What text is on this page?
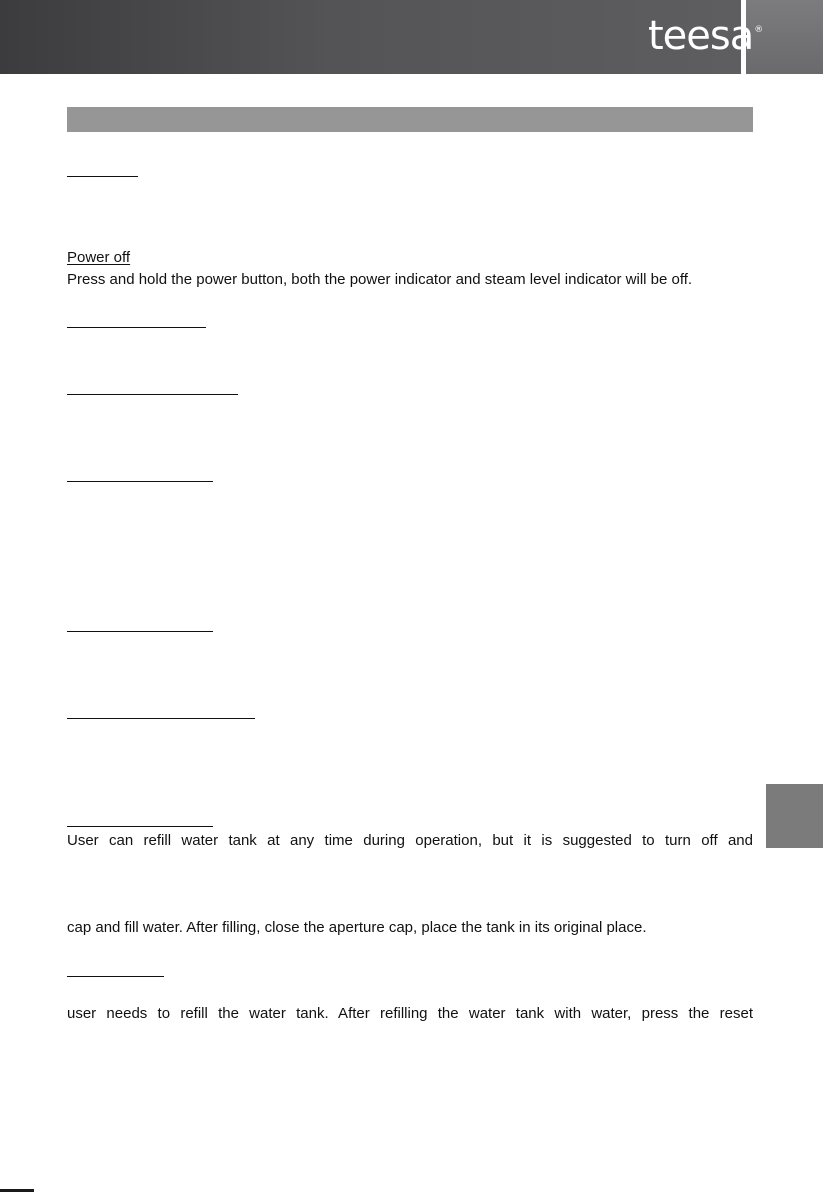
teesa ®
Power off
Press and hold the power button, both the power indicator and steam level indicator will be off.
User can refill water tank at any time during operation, but it is suggested to turn off and
cap and fill water. After filling, close the aperture cap, place the tank in its original place.
user needs to refill the water tank. After refilling the water tank with water, press the reset
